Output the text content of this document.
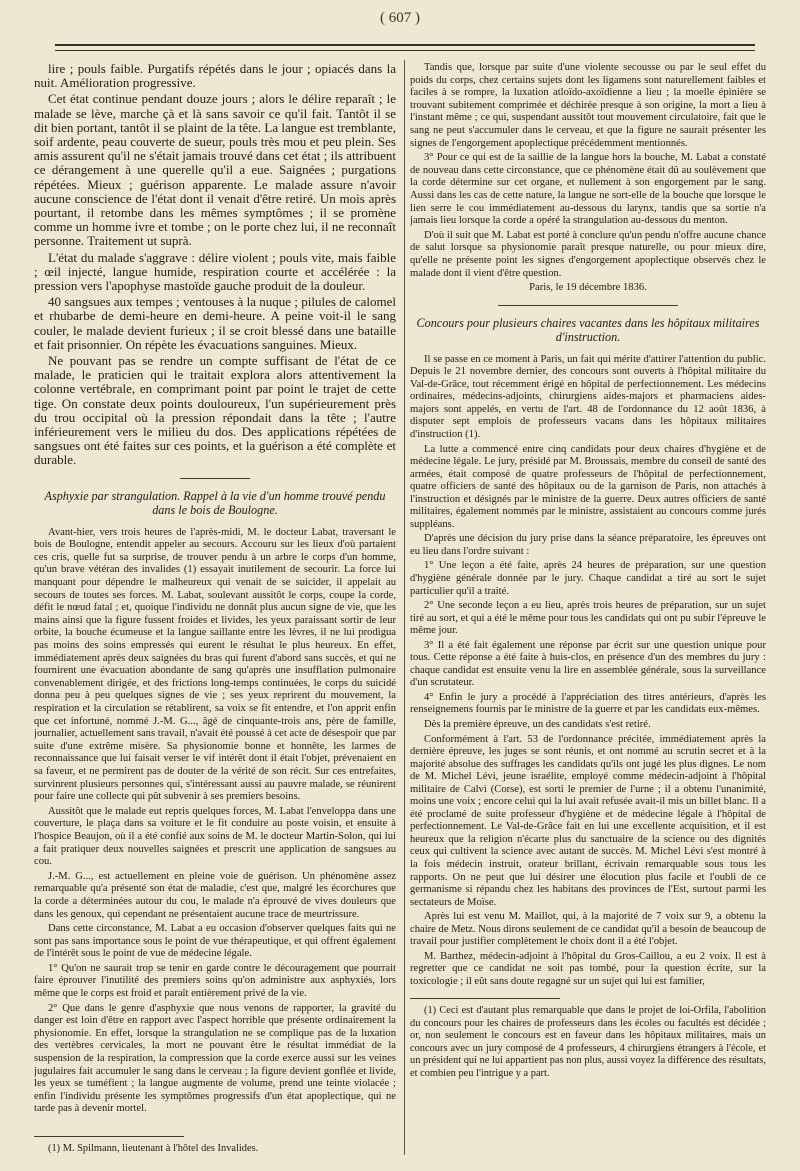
( 607 )

lire ; pouls faible. Purgatifs répétés dans le jour ; opiacés dans la nuit. Amélioration progressive.

Cet état continue pendant douze jours ; alors le délire reparaît ; le malade se lève, marche çà et là sans savoir ce qu'il fait. Tantôt il se dit bien portant, tantôt il se plaint de la tête. La langue est tremblante, soif ardente, peau couverte de sueur, pouls très mou et peu plein. Ses amis assurent qu'il ne s'était jamais trouvé dans cet état ; ils attribuent ce dérangement à une querelle qu'il a eue. Saignées ; purgations répétées. Mieux ; guérison apparente. Le malade assure n'avoir aucune conscience de l'état dont il venait d'être retiré. Un mois après pourtant, il retombe dans les mêmes symptômes ; il se promène comme un homme ivre et tombe ; on le porte chez lui, il ne reconnaît personne. Traitement ut suprà.

L'état du malade s'aggrave : délire violent ; pouls vite, mais faible ; œil injecté, langue humide, respiration courte et accélérée : la pression vers l'apophyse mastoïde gauche produit de la douleur.

40 sangsues aux tempes ; ventouses à la nuque ; pilules de calomel et rhubarbe de demi-heure en demi-heure. A peine voit-il le sang couler, le malade devient furieux ; il se croit blessé dans une bataille et fait prisonnier. On répète les évacuations sanguines. Mieux.

Ne pouvant pas se rendre un compte suffisant de l'état de ce malade, le praticien qui le traitait explora alors attentivement la colonne vertébrale, en comprimant point par point le trajet de cette tige. On constate deux points douloureux, l'un supérieurement près du trou occipital où la pression répondait dans la tête ; l'autre inférieurement vers le milieu du dos. Des applications répétées de sangsues ont été faites sur ces points, et la guérison a été complète et durable.

Asphyxie par strangulation. Rappel à la vie d'un homme trouvé pendu dans le bois de Boulogne.

Avant-hier, vers trois heures de l'après-midi, M. le docteur Labat, traversant le bois de Boulogne, entendit appeler au secours. Accouru sur les lieux d'où partaient ces cris, quelle fut sa surprise, de trouver pendu à un arbre le corps d'un homme, qu'un brave vétéran des invalides (1) essayait inutilement de secourir. La force lui manquant pour dépendre le malheureux qui venait de se suicider, il appelait au secours de toutes ses forces. M. Labat, soulevant aussitôt le corps, coupe la corde, défit le nœud fatal ; et, quoique l'individu ne donnât plus aucun signe de vie, que les mains ainsi que la figure fussent froides et livides, les yeux paraissant sortir de leur orbite, la bouche écumeuse et la langue saillante entre les lèvres, il ne lui prodigua pas moins des soins empressés qui eurent le résultat le plus heureux. En effet, immédiatement après deux saignées du bras qui furent d'abord sans succès, et qui ne fournirent une évacuation abondante de sang qu'après une insufflation pulmonaire convenablement dirigée, et des frictions long-temps continuées, le corps du suicidé donna peu à peu quelques signes de vie ; ses yeux reprirent du mouvement, la respiration et la circulation se rétablirent, sa voix se fit entendre, et l'on apprit enfin que cet infortuné, nommé J.-M. G..., âgé de cinquante-trois ans, père de famille, journalier, actuellement sans travail, n'avait été poussé à cet acte de désespoir que par suite d'une extrême misère. Sa physionomie bonne et honnête, les larmes de reconnaissance que lui faisait verser le vif intérêt dont il était l'objet, prévenaient en sa faveur, et ne permirent pas de douter de la vérité de son récit. Sur ces entrefaites, survinrent plusieurs personnes qui, s'intéressant aussi au pauvre malade, se réunirent pour faire une collecte qui pût subvenir à ses premiers besoins.

Aussitôt que le malade eut repris quelques forces, M. Labat l'enveloppa dans une couverture, le plaça dans sa voiture et le fit conduire au poste voisin, et ensuite à l'hospice Beaujon, où il a été confié aux soins de M. le docteur Martin-Solon, qui lui a fait pratiquer deux nouvelles saignées et prescrit une application de sangsues au cou.

J.-M. G..., est actuellement en pleine voie de guérison. Un phénomène assez remarquable qu'a présenté son état de maladie, c'est que, malgré les écorchures que la corde a déterminées autour du cou, le malade n'a éprouvé de vives douleurs que dans les genoux, qui cependant ne présentaient aucune trace de meurtrissure.

Dans cette circonstance, M. Labat a eu occasion d'observer quelques faits qui ne sont pas sans importance sous le point de vue thérapeutique, et qui offrent également de l'intérêt sous le point de vue de médecine légale.

1° Qu'on ne saurait trop se tenir en garde contre le découragement que pourrait faire éprouver l'inutilité des premiers soins qu'on administre aux asphyxiés, lors même que le corps est froid et paraît entièrement privé de la vie.

2° Que dans le genre d'asphyxie que nous venons de rapporter, la gravité du danger est loin d'être en rapport avec l'aspect horrible que présente ordinairement la physionomie. En effet, lorsque la strangulation ne se complique pas de la luxation des vertèbres cervicales, la mort ne pouvant être le résultat immédiat de la suspension de la respiration, la compression que la corde exerce aussi sur les veines jugulaires fait accumuler le sang dans le cerveau ; la figure devient gonflée et livide, les yeux se tuméfient ; la langue augmente de volume, prend une teinte violacée ; enfin l'individu présente les symptômes progressifs d'un état apoplectique, qui ne tarde pas à devenir mortel.

(1) M. Spilmann, lieutenant à l'hôtel des Invalides.

Tandis que, lorsque par suite d'une violente secousse ou par le seul effet du poids du corps, chez certains sujets dont les ligamens sont naturellement faibles et faciles à se rompre, la luxation atloïdo-axoïdienne a lieu ; la moelle épinière se trouvant subitement comprimée et déchirée presque à son origine, la mort a lieu à l'instant même ; ce qui, suspendant aussitôt tout mouvement circulatoire, fait que le sang ne peut s'accumuler dans le cerveau, et que la figure ne saurait présenter les signes de l'engorgement apoplectique précédemment mentionnés.

3° Pour ce qui est de la saillie de la langue hors la bouche, M. Labat a constaté de nouveau dans cette circonstance, que ce phénomène était dû au soulèvement que la corde détermine sur cet organe, et nullement à son engorgement par le sang. Aussi dans les cas de cette nature, la langue ne sort-elle de la bouche que lorsque le lien serre le cou immédiatement au-dessous du larynx, tandis que sa sortie n'a jamais lieu lorsque la corde a opéré la strangulation au-dessous du menton.

D'où il suit que M. Labat est porté à conclure qu'un pendu n'offre aucune chance de salut lorsque sa physionomie paraît presque naturelle, ou pour mieux dire, qu'elle ne présente point les signes d'engorgement apoplectique observés chez le malade dont il vient d'être question.

Paris, le 19 décembre 1836.

Concours pour plusieurs chaires vacantes dans les hôpitaux militaires d'instruction.

Il se passe en ce moment à Paris, un fait qui mérite d'attirer l'attention du public. Depuis le 21 novembre dernier, des concours sont ouverts à l'hôpital militaire du Val-de-Grâce, tout récemment érigé en hôpital de perfectionnement. Les médecins ordinaires, médecins-adjoints, chirurgiens aides-majors et pharmaciens aides-majors sont appelés, en vertu de l'art. 48 de l'ordonnance du 12 août 1836, à disputer sept emplois de professeurs vacans dans les hôpitaux militaires d'instruction (1).

La lutte a commencé entre cinq candidats pour deux chaires d'hygiène et de médecine légale. Le jury, présidé par M. Broussais, membre du conseil de santé des armées, était composé de quatre professeurs de l'hôpital de perfectionnement, quatre officiers de santé des hôpitaux ou de la garnison de Paris, non attachés à l'instruction et désignés par le ministre de la guerre. Deux autres officiers de santé militaires, également nommés par le ministre, assistaient au concours comme jurés suppléans.

D'après une décision du jury prise dans la séance préparatoire, les épreuves ont eu lieu dans l'ordre suivant :

1° Une leçon a été faite, après 24 heures de préparation, sur une question d'hygiène générale donnée par le jury. Chaque candidat a tiré au sort le sujet particulier qu'il a traité.

2° Une seconde leçon a eu lieu, après trois heures de préparation, sur un sujet tiré au sort, et qui a été le même pour tous les candidats qui ont pu subir l'épreuve le même jour.

3° Il a été fait également une réponse par écrit sur une question unique pour tous. Cette réponse a été faite à huis-clos, en présence d'un des membres du jury : chaque candidat est ensuite venu la lire en assemblée générale, sous la surveillance d'un scrutateur.

4° Enfin le jury a procédé à l'appréciation des titres antérieurs, d'après les renseignemens fournis par le ministre de la guerre et par les candidats eux-mêmes.

Dès la première épreuve, un des candidats s'est retiré.

Conformément à l'art. 53 de l'ordonnance précitée, immédiatement après la dernière épreuve, les juges se sont réunis, et ont nommé au scrutin secret et à la majorité absolue des suffrages les candidats qu'ils ont jugé les plus dignes. Le nom de M. Michel Lévi, jeune israélite, employé comme médecin-adjoint à l'hôpital militaire de Calvi (Corse), est sorti le premier de l'urne ; il a obtenu l'unanimité, moins une voix ; encore celui qui la lui avait refusée avait-il mis un billet blanc. Il a été proclamé de suite professeur d'hygiène et de médecine légale à l'hôpital de perfectionnement. Le Val-de-Grâce fait en lui une excellente acquisition, et il est heureux que la religion n'écarte plus du sanctuaire de la science ou des dignités ceux qui cultivent la science avec autant de succès. M. Michel Lévi s'est montré à la fois médecin instruit, orateur brillant, écrivain remarquable sous tous les rapports. On ne peut que lui désirer une élocution plus facile et l'oubli de ce germanisme si répandu chez les habitans des provinces de l'Est, surtout parmi les sectateurs de Moïse.

Après lui est venu M. Maillot, qui, à la majorité de 7 voix sur 9, a obtenu la chaire de Metz. Nous dirons seulement de ce candidat qu'il a besoin de beaucoup de travail pour justifier complètement le choix dont il a été l'objet.

M. Barthez, médecin-adjoint à l'hôpital du Gros-Caillou, a eu 2 voix. Il est à regretter que ce candidat ne soit pas tombé, pour la question écrite, sur la toxicologie ; il eût sans doute regagné sur un sujet qui lui est familier,

(1) Ceci est d'autant plus remarquable que dans le projet de loi-Orfila, l'abolition du concours pour les chaires de professeurs dans les écoles ou facultés est décidée ; or, non seulement le concours est en faveur dans les hôpitaux militaires, mais un concours avec un jury composé de 4 professeurs, 4 chirurgiens étrangers à l'école, et un président qui ne lui appartient pas non plus, aussi voyez la différence des résultats, et combien peu l'intrigue y a part.
